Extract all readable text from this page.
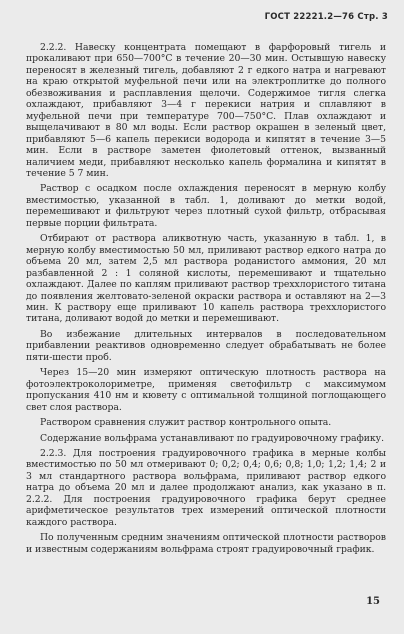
ГОСТ 22221.2—76 Стр. 3

2.2.2. Навеску концентрата помещают в фарфоровый тигель и прокаливают при 650—700°С в течение 20—30 мин. Остывшую навеску переносят в железный тигель, добавляют 2 г едкого натра и нагревают на краю открытой муфельной печи или на электроплитке до полного обезвоживания и расплавления щелочи. Содержимое тигля слегка охлаждают, прибавляют 3—4 г перекиси натрия и сплавляют в муфельной печи при температуре 700—750°С. Плав охлаждают и выщелачивают в 80 мл воды. Если раствор окрашен в зеленый цвет, прибавляют 5—6 капель перекиси водорода и кипятят в течение 3—5 мин. Если в растворе заметен фиолетовый оттенок, вызванный наличием меди, прибавляют несколько капель формалина и кипятят в течение 5 7 мин.

Раствор с осадком после охлаждения переносят в мерную колбу вместимостью, указанной в табл. 1, доливают до метки водой, перемешивают и фильтруют через плотный сухой фильтр, отбрасывая первые порции фильтрата.

Отбирают от раствора аликвотную часть, указанную в табл. 1, в мерную колбу вместимостью 50 мл, приливают раствор едкого натра до объема 20 мл, затем 2,5 мл раствора роданистого аммония, 20 мл разбавленной 2 : 1 соляной кислоты, перемешивают и тщательно охлаждают. Далее по каплям приливают раствор треххлористого титана до появления желтовато-зеленой окраски раствора и оставляют на 2—3 мин. К раствору еще приливают 10 капель раствора треххлористого титана, доливают водой до метки и перемешивают.

Во избежание длительных интервалов в последовательном прибавлении реактивов одновременно следует обрабатывать не более пяти-шести проб.

Через 15—20 мин измеряют оптическую плотность раствора на фотоэлектроколориметре, применяя светофильтр с максимумом пропускания 410 нм и кювету с оптимальной толщиной поглощающего свет слоя раствора.

Раствором сравнения служит раствор контрольного опыта.

Содержание вольфрама устанавливают по градуировочному графику.

2.2.3. Для построения градуировочного графика в мерные колбы вместимостью по 50 мл отмеривают 0; 0,2; 0,4; 0,6; 0,8; 1,0; 1,2; 1,4; 2 и 3 мл стандартного раствора вольфрама, приливают раствор едкого натра до объема 20 мл и далее продолжают анализ, как указано в п. 2.2.2. Для построения градуировочного графика берут среднее арифметическое результатов трех измерений оптической плотности каждого раствора.

По полученным средним значениям оптической плотности растворов и известным содержаниям вольфрама строят градуировочный график.

15
